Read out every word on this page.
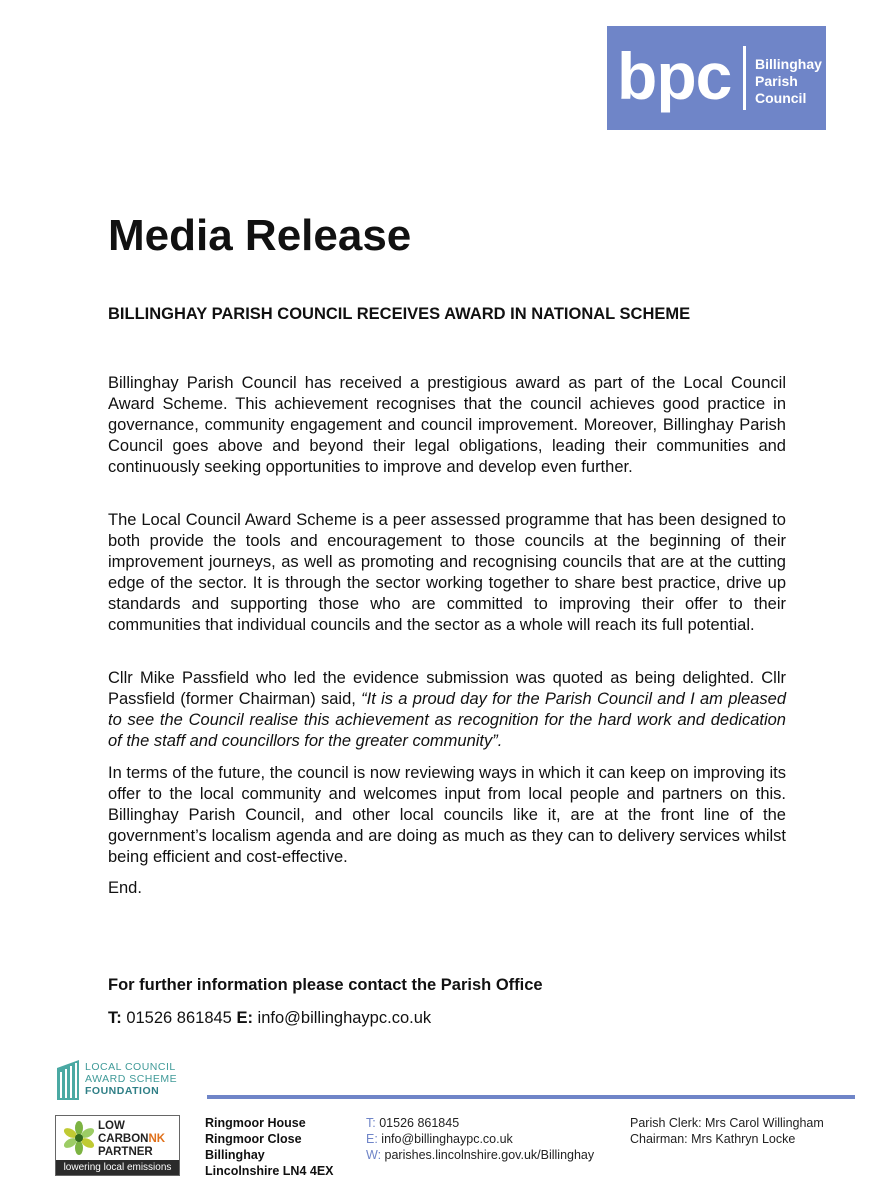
bpc Billinghay
Parish
Council
Media Release

BILLINGHAY PARISH COUNCIL RECEIVES AWARD IN NATIONAL SCHEME

Billinghay Parish Council has received a prestigious award as part of the Local Council Award Scheme. This achievement recognises that the council achieves good practice in governance, community engagement and council improvement. Moreover, Billinghay Parish Council goes above and beyond their legal obligations, leading their communities and continuously seeking opportunities to improve and develop even further.

The Local Council Award Scheme is a peer assessed programme that has been designed to both provide the tools and encouragement to those councils at the beginning of their improvement journeys, as well as promoting and recognising councils that are at the cutting edge of the sector. It is through the sector working together to share best practice, drive up standards and supporting those who are committed to improving their offer to their communities that individual councils and the sector as a whole will reach its full potential.

Cllr Mike Passfield who led the evidence submission was quoted as being delighted. Cllr Passfield (former Chairman) said, “It is a proud day for the Parish Council and I am pleased to see the Council realise this achievement as recognition for the hard work and dedication of the staff and councillors for the greater community”.

In terms of the future, the council is now reviewing ways in which it can keep on improving its offer to the local community and welcomes input from local people and partners on this. Billinghay Parish Council, and other local councils like it, are at the front line of the government’s localism agenda and are doing as much as they can to delivery services whilst being efficient and cost-effective.

End.

For further information please contact the Parish Office
T: 01526 861845 E: info@billinghaypc.co.uk
LOCAL COUNCIL
AWARD SCHEME
FOUNDATION
LOW
CARBONNK
PARTNER
lowering local emissions
Ringmoor House
Ringmoor Close
Billinghay
Lincolnshire LN4 4EX
T: 01526 861845
E: info@billinghaypc.co.uk
W: parishes.lincolnshire.gov.uk/Billinghay
Parish Clerk: Mrs Carol Willingham
Chairman: Mrs Kathryn Locke
